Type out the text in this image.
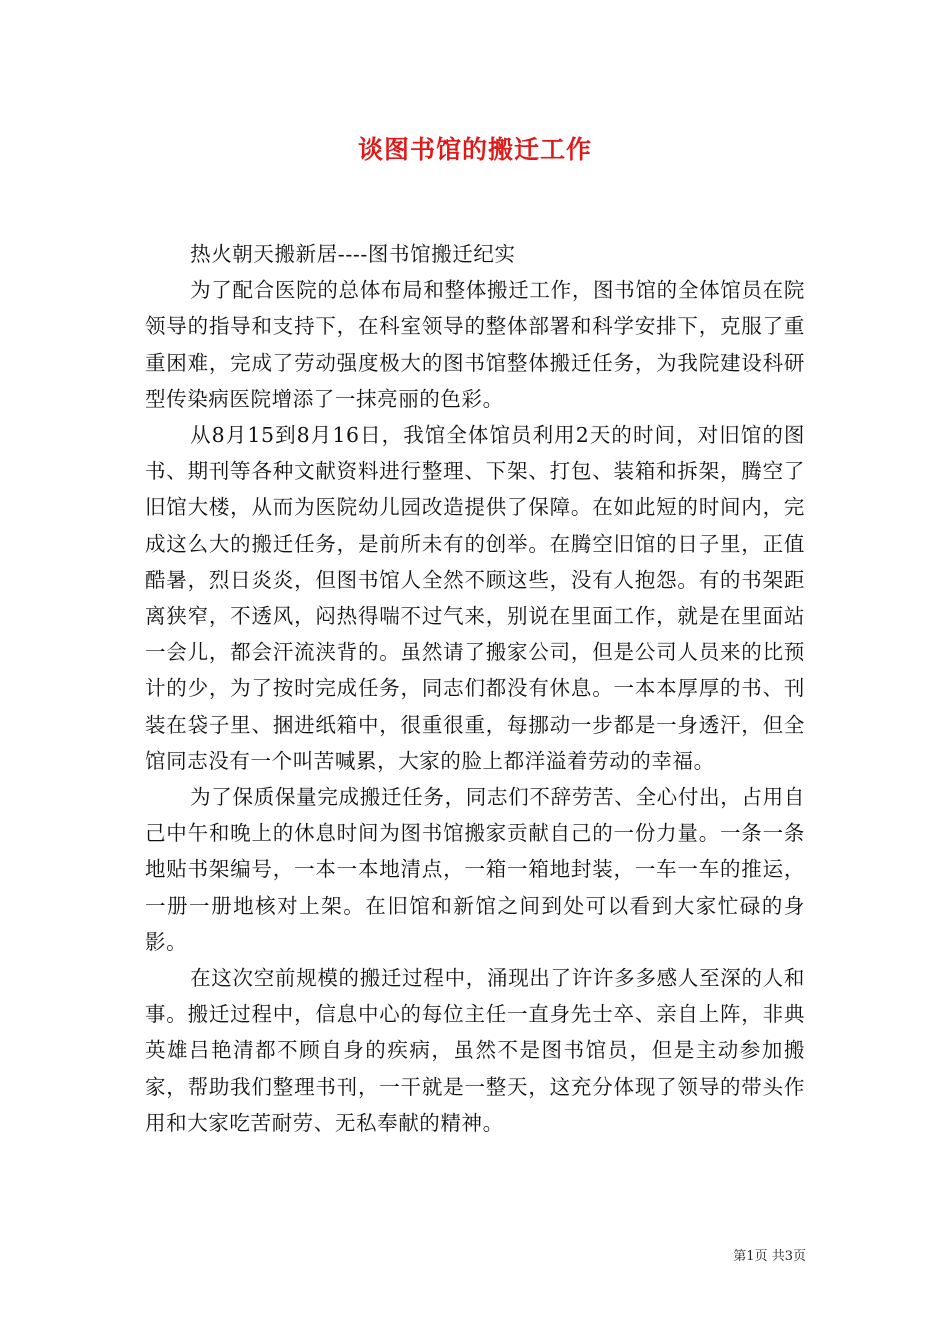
谈图书馆的搬迁工作

热火朝天搬新居----图书馆搬迁纪实

为了配合医院的总体布局和整体搬迁工作，图书馆的全体馆员在院领导的指导和支持下，在科室领导的整体部署和科学安排下，克服了重重困难，完成了劳动强度极大的图书馆整体搬迁任务，为我院建设科研型传染病医院增添了一抹亮丽的色彩。

从8月15到8月16日，我馆全体馆员利用2天的时间，对旧馆的图书、期刊等各种文献资料进行整理、下架、打包、装箱和拆架，腾空了旧馆大楼，从而为医院幼儿园改造提供了保障。在如此短的时间内，完成这么大的搬迁任务，是前所未有的创举。在腾空旧馆的日子里，正值酷暑，烈日炎炎，但图书馆人全然不顾这些，没有人抱怨。有的书架距离狭窄，不透风，闷热得喘不过气来，别说在里面工作，就是在里面站一会儿，都会汗流浃背的。虽然请了搬家公司，但是公司人员来的比预计的少，为了按时完成任务，同志们都没有休息。一本本厚厚的书、刊装在袋子里、捆进纸箱中，很重很重，每挪动一步都是一身透汗，但全馆同志没有一个叫苦喊累，大家的脸上都洋溢着劳动的幸福。

为了保质保量完成搬迁任务，同志们不辞劳苦、全心付出，占用自己中午和晚上的休息时间为图书馆搬家贡献自己的一份力量。一条一条地贴书架编号，一本一本地清点，一箱一箱地封装，一车一车的推运，一册一册地核对上架。在旧馆和新馆之间到处可以看到大家忙碌的身影。

在这次空前规模的搬迁过程中，涌现出了许许多多感人至深的人和事。搬迁过程中，信息中心的每位主任一直身先士卒、亲自上阵，非典英雄吕艳清都不顾自身的疾病，虽然不是图书馆员，但是主动参加搬家，帮助我们整理书刊，一干就是一整天，这充分体现了领导的带头作用和大家吃苦耐劳、无私奉献的精神。

第1页 共3页
